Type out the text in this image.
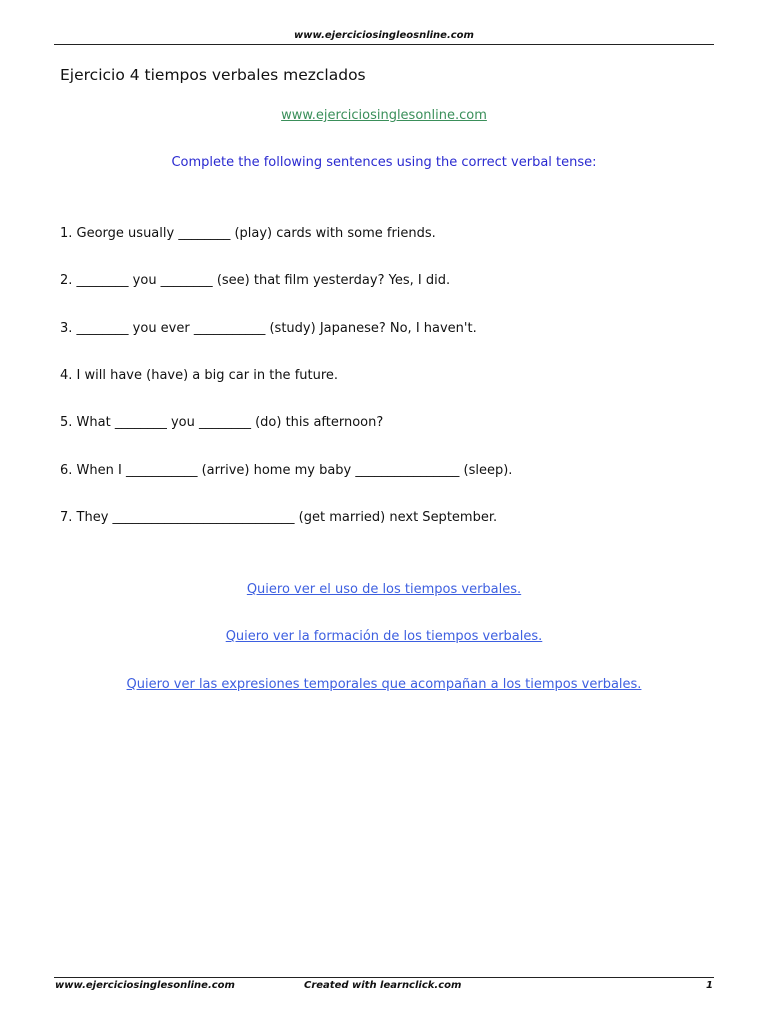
www.ejerciciosingleosnline.com
Ejercicio 4 tiempos verbales mezclados
www.ejerciciosinglesonline.com
Complete the following sentences using the correct verbal tense:
1. George usually ________ (play) cards with some friends.
2. ________ you ________ (see) that film yesterday? Yes, I did.
3. ________ you ever ___________ (study) Japanese? No, I haven't.
4. I will have (have) a big car in the future.
5. What ________ you ________ (do) this afternoon?
6. When I ___________ (arrive) home my baby ________________ (sleep).
7. They ____________________________ (get married) next September.
Quiero ver el uso de los tiempos verbales.
Quiero ver la formación de los tiempos verbales.
Quiero ver las expresiones temporales que acompañan a los tiempos verbales.
www.ejerciciosinglesonline.com	Created with learnclick.com	1
